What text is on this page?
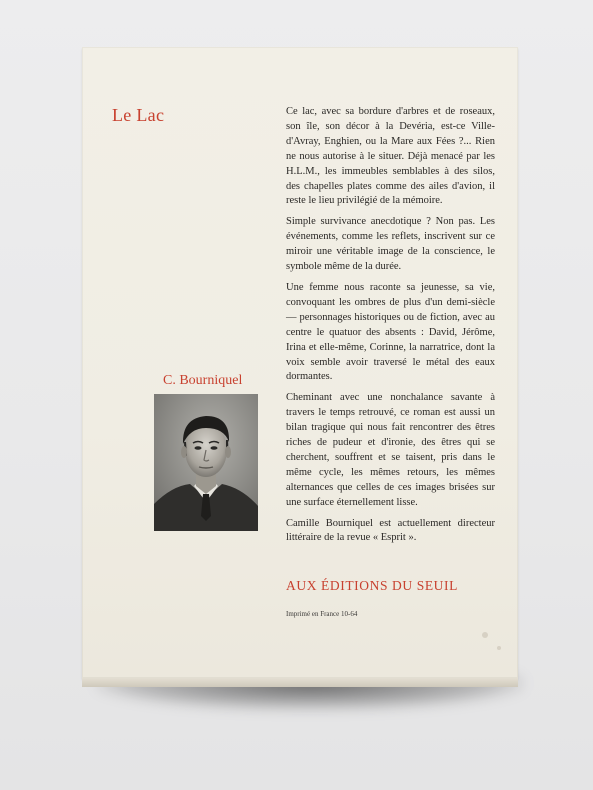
Le Lac	Ce lac, avec sa bordure d'arbres et de roseaux, son île, son décor à la Devéria, est-ce Ville-d'Avray, Enghien, ou la Mare aux Fées ?... Rien ne nous autorise à le situer. Déjà menacé par les H.L.M., les immeubles semblables à des silos, des chapelles plates comme des ailes d'avion, il reste le lieu privilégié de la mémoire.

Simple survivance anecdotique ? Non pas. Les événements, comme les reflets, inscrivent sur ce miroir une véritable image de la conscience, le symbole même de la durée.

Une femme nous raconte sa jeunesse, sa vie, convoquant les ombres de plus d'un demi-siècle — personnages historiques ou de fiction, avec au centre le quatuor des absents : David, Jérôme, Irina et elle-même, Corinne, la narratrice, dont la voix semble avoir traversé le métal des eaux dormantes.

Cheminant avec une nonchalance savante à travers le temps retrouvé, ce roman est aussi un bilan tragique qui nous fait rencontrer des êtres riches de pudeur et d'ironie, des êtres qui se cherchent, souffrent et se taisent, pris dans le même cycle, les mêmes retours, les mêmes alternances que celles de ces images brisées sur une surface éternellement lisse.

Camille Bourniquel est actuellement directeur littéraire de la revue « Esprit ».

C. Bourniquel
AUX ÉDITIONS DU SEUIL
Imprimé en France 10-64
